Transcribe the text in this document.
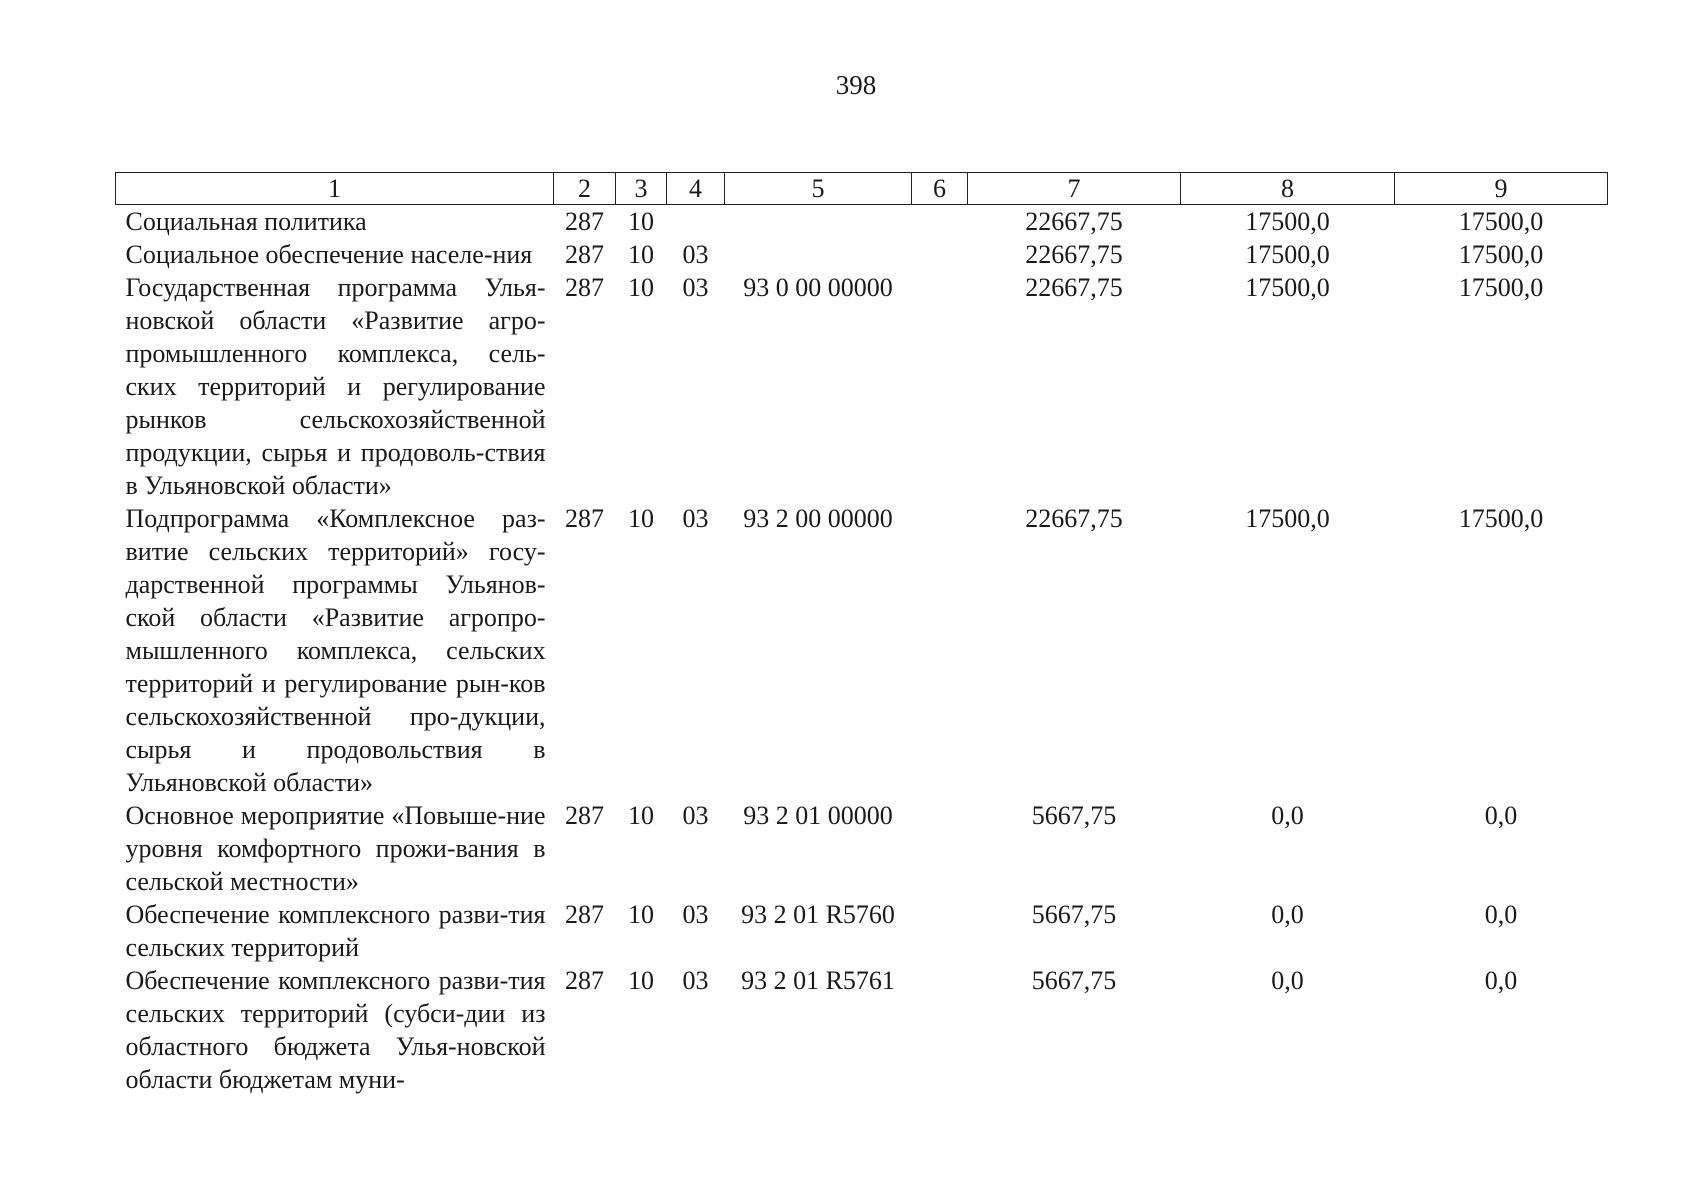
398
1	2	3	4	5	6	7	8	9
Социальная политика	287	10				22667,75	17500,0	17500,0
Социальное обеспечение населе-ния	287	10	03			22667,75	17500,0	17500,0
Государственная программа Улья-новской области «Развитие агро-промышленного комплекса, сель-ских территорий и регулирование рынков сельскохозяйственной продукции, сырья и продоволь-ствия в Ульяновской области»	287	10	03	93 0 00 00000		22667,75	17500,0	17500,0
Подпрограмма «Комплексное раз-витие сельских территорий» госу-дарственной программы Ульянов-ской области «Развитие агропро-мышленного комплекса, сельских территорий и регулирование рын-ков сельскохозяйственной про-дукции, сырья и продовольствия в Ульяновской области»	287	10	03	93 2 00 00000		22667,75	17500,0	17500,0
Основное мероприятие «Повыше-ние уровня комфортного прожи-вания в сельской местности»	287	10	03	93 2 01 00000		5667,75	0,0	0,0
Обеспечение комплексного разви-тия сельских территорий	287	10	03	93 2 01 R5760		5667,75	0,0	0,0
Обеспечение комплексного разви-тия сельских территорий (субси-дии из областного бюджета Улья-новской области бюджетам муни-	287	10	03	93 2 01 R5761		5667,75	0,0	0,0
